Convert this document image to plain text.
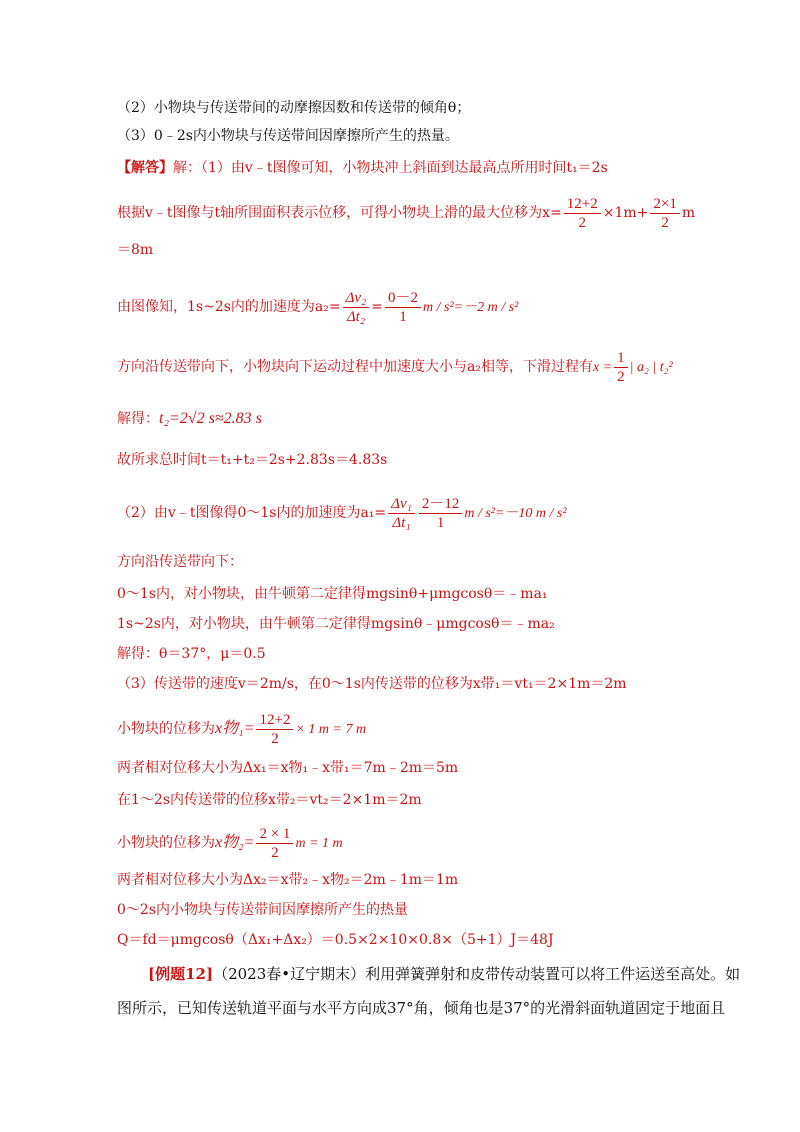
（2）小物块与传送带间的动摩擦因数和传送带的倾角θ；
（3）0﹣2s内小物块与传送带间因摩擦所产生的热量。
【解答】解：（1）由v﹣t图像可知，小物块冲上斜面到达最高点所用时间t₁＝2s
根据v﹣t图像与t轴所围面积表示位移，可得小物块上滑的最大位移为$x= \frac{12+2}{2} \times 1m+ \frac{2\times 1}{2}$ m
＝8m
由图像知，1s~2s内的加速度为$a_2= \frac{\text{Δv₂}}{\text{Δt₂}} = \frac{0-2}{1}$ m / s²=－2 m / s²
方向沿传送带向下，小物块向下运动过程中加速度大小与a₂相等，下滑过程有$x = \frac{1}{2}$ | a₂ | t₂²
解得：t₂=2√2 s≈2.83 s
故所求总时间t＝t₁+t₂＝2s+2.83s＝4.83s
（2）由v﹣t图像得0～1s内的加速度为$a_1= \frac{\text{Δv₁}}{\text{Δt₁}} \frac{2-12}{1}$ m / s²=－10 m / s²
方向沿传送带向下：
0～1s内，对小物块，由牛顿第二定律得mgsinθ+μmgcosθ＝﹣ma₁
1s~2s内，对小物块，由牛顿第二定律得mgsinθ﹣μmgcosθ＝﹣ma₂
解得：θ＝37°，μ＝0.5
（3）传送带的速度v＝2m/s，在0～1s内传送带的位移为x带₁＝vt₁＝2×1m＝2m
小物块的位移为x物$_1= \frac{12+2}{2} \times 1$ m = 7 m
两者相对位移大小为Δx₁＝x物₁﹣x带₁＝7m﹣2m＝5m
在1～2s内传送带的位移x带₂＝vt₂＝2×1m＝2m
小物块的位移为x物$_2= \frac{2 \times 1}{2}$ m = 1 m
两者相对位移大小为Δx₂＝x带₂﹣x物₂＝2m﹣1m＝1m
0～2s内小物块与传送带间因摩擦所产生的热量
Q＝fd＝μmgcosθ（Δx₁+Δx₂）＝0.5×2×10×0.8×（5+1）J＝48J
[例题12]（2023春•辽宁期末）利用弹簧弹射和皮带传动装置可以将工件运送至高处。如
图所示，已知传送轨道平面与水平方向成37°角，倾角也是37°的光滑斜面轨道固定于地面且
